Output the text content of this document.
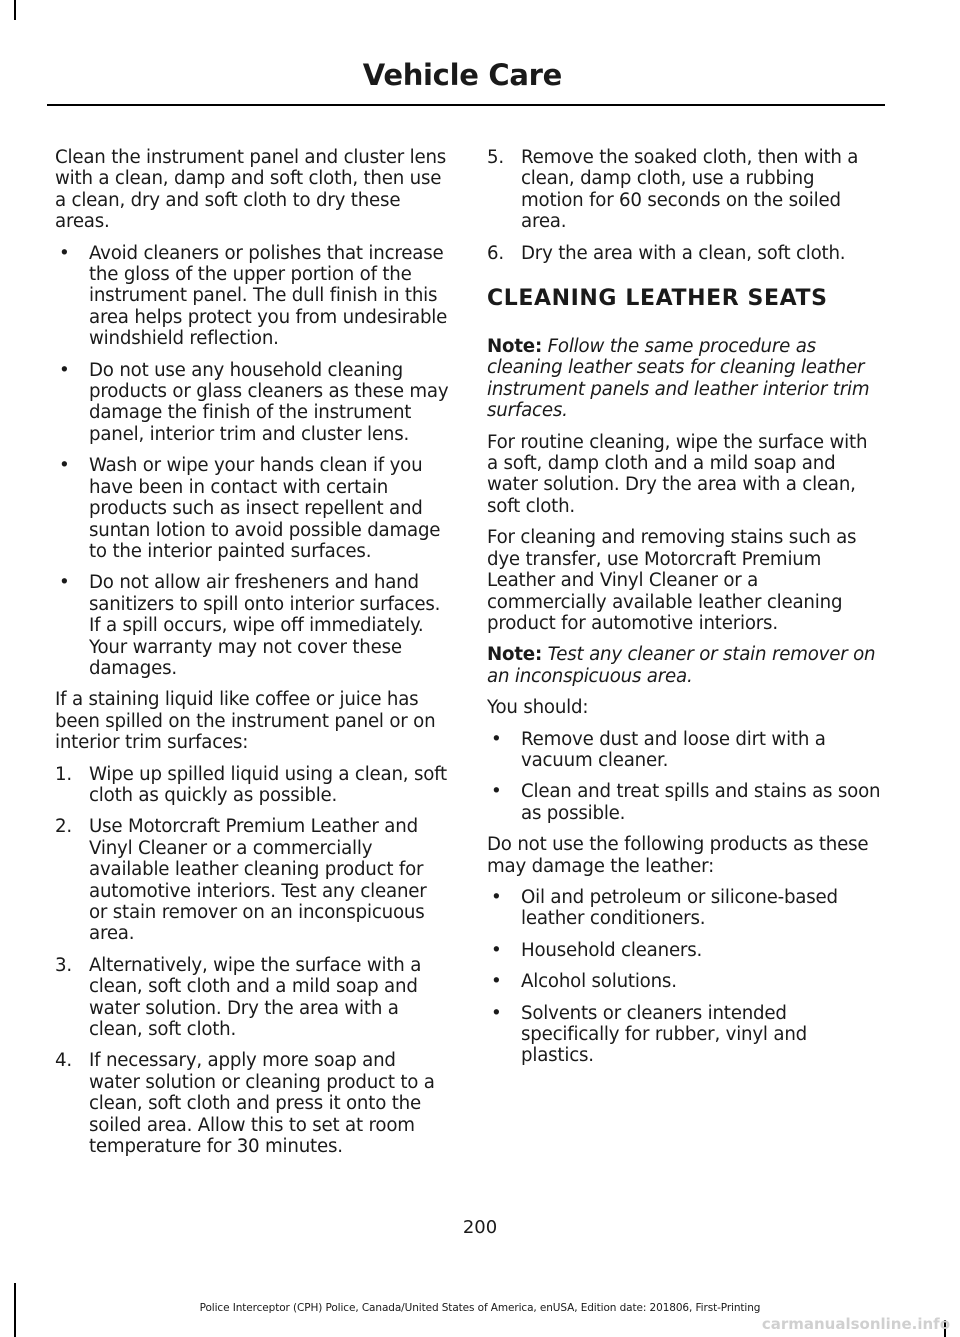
Vehicle Care

Clean the instrument panel and cluster lens with a clean, damp and soft cloth, then use a clean, dry and soft cloth to dry these areas.

• Avoid cleaners or polishes that increase the gloss of the upper portion of the instrument panel. The dull finish in this area helps protect you from undesirable windshield reflection.
• Do not use any household cleaning products or glass cleaners as these may damage the finish of the instrument panel, interior trim and cluster lens.
• Wash or wipe your hands clean if you have been in contact with certain products such as insect repellent and suntan lotion to avoid possible damage to the interior painted surfaces.
• Do not allow air fresheners and hand sanitizers to spill onto interior surfaces. If a spill occurs, wipe off immediately. Your warranty may not cover these damages.

If a staining liquid like coffee or juice has been spilled on the instrument panel or on interior trim surfaces:

1. Wipe up spilled liquid using a clean, soft cloth as quickly as possible.
2. Use Motorcraft Premium Leather and Vinyl Cleaner or a commercially available leather cleaning product for automotive interiors. Test any cleaner or stain remover on an inconspicuous area.
3. Alternatively, wipe the surface with a clean, soft cloth and a mild soap and water solution. Dry the area with a clean, soft cloth.
4. If necessary, apply more soap and water solution or cleaning product to a clean, soft cloth and press it onto the soiled area. Allow this to set at room temperature for 30 minutes.
5. Remove the soaked cloth, then with a clean, damp cloth, use a rubbing motion for 60 seconds on the soiled area.
6. Dry the area with a clean, soft cloth.
CLEANING LEATHER SEATS

Note: Follow the same procedure as cleaning leather seats for cleaning leather instrument panels and leather interior trim surfaces.

For routine cleaning, wipe the surface with a soft, damp cloth and a mild soap and water solution. Dry the area with a clean, soft cloth.

For cleaning and removing stains such as dye transfer, use Motorcraft Premium Leather and Vinyl Cleaner or a commercially available leather cleaning product for automotive interiors.

Note: Test any cleaner or stain remover on an inconspicuous area.

You should:

• Remove dust and loose dirt with a vacuum cleaner.
• Clean and treat spills and stains as soon as possible.

Do not use the following products as these may damage the leather:

• Oil and petroleum or silicone-based leather conditioners.
• Household cleaners.
• Alcohol solutions.
• Solvents or cleaners intended specifically for rubber, vinyl and plastics.

200

Police Interceptor (CPH) Police, Canada/United States of America, enUSA, Edition date: 201806, First-Printing

carmanualsonline.info
